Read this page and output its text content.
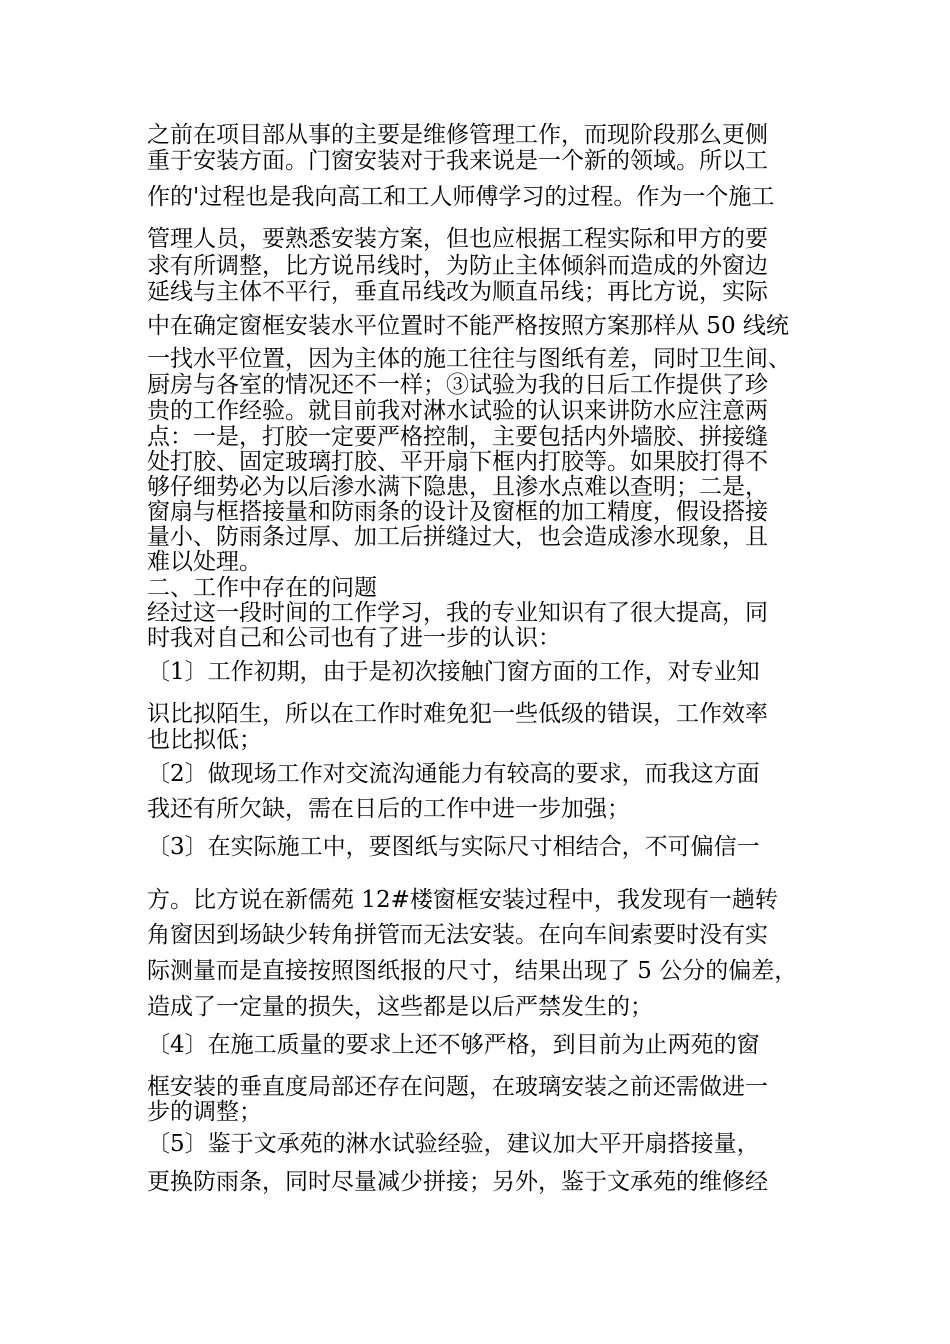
之前在项目部从事的主要是维修管理工作，而现阶段那么更侧
重于安装方面。门窗安装对于我来说是一个新的领域。所以工
作的'过程也是我向高工和工人师傅学习的过程。作为一个施工
管理人员，要熟悉安装方案，但也应根据工程实际和甲方的要
求有所调整，比方说吊线时，为防止主体倾斜而造成的外窗边
延线与主体不平行，垂直吊线改为顺直吊线；再比方说，实际
中在确定窗框安装水平位置时不能严格按照方案那样从 50 线统
一找水平位置，因为主体的施工往往与图纸有差，同时卫生间、
厨房与各室的情况还不一样；③试验为我的日后工作提供了珍
贵的工作经验。就目前我对淋水试验的认识来讲防水应注意两
点：一是，打胶一定要严格控制，主要包括内外墙胶、拼接缝
处打胶、固定玻璃打胶、平开扇下框内打胶等。如果胶打得不
够仔细势必为以后渗水满下隐患，且渗水点难以查明；二是，
窗扇与框搭接量和防雨条的设计及窗框的加工精度，假设搭接
量小、防雨条过厚、加工后拼缝过大，也会造成渗水现象，且
难以处理。
二、工作中存在的问题
经过这一段时间的工作学习，我的专业知识有了很大提高，同
时我对自己和公司也有了进一步的认识：
〔1〕工作初期，由于是初次接触门窗方面的工作，对专业知
识比拟陌生，所以在工作时难免犯一些低级的错误，工作效率
也比拟低；
〔2〕做现场工作对交流沟通能力有较高的要求，而我这方面
我还有所欠缺，需在日后的工作中进一步加强；
〔3〕在实际施工中，要图纸与实际尺寸相结合，不可偏信一
方。比方说在新儒苑 12#楼窗框安装过程中，我发现有一趟转
角窗因到场缺少转角拼管而无法安装。在向车间索要时没有实
际测量而是直接按照图纸报的尺寸，结果出现了 5 公分的偏差，
造成了一定量的损失，这些都是以后严禁发生的；
〔4〕在施工质量的要求上还不够严格，到目前为止两苑的窗
框安装的垂直度局部还存在问题，在玻璃安装之前还需做进一
步的调整；
〔5〕鉴于文承苑的淋水试验经验，建议加大平开扇搭接量，
更换防雨条，同时尽量减少拼接；另外，鉴于文承苑的维修经
